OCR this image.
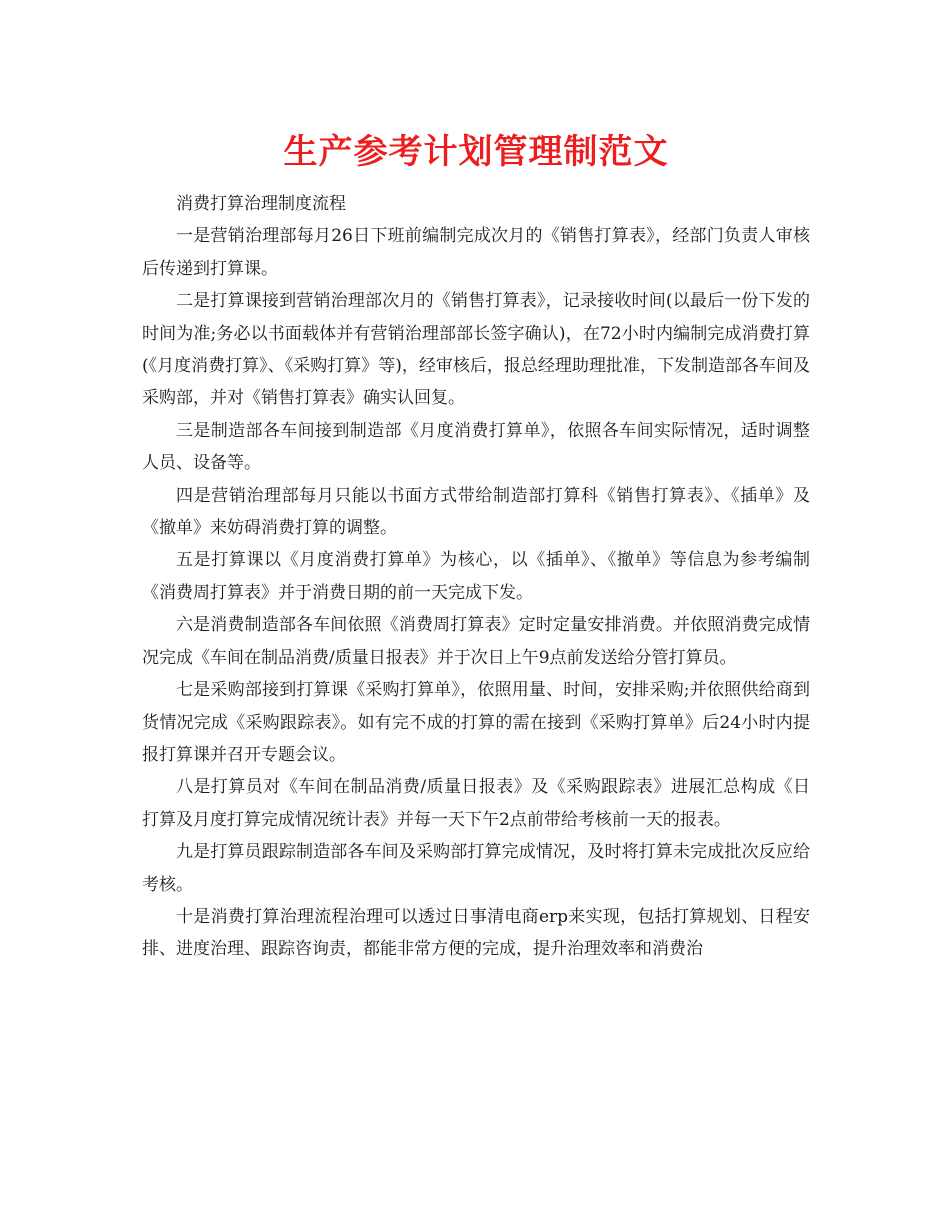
生产参考计划管理制范文

消费打算治理制度流程

一是营销治理部每月26日下班前编制完成次月的《销售打算表》，经部门负责人审核后传递到打算课。

二是打算课接到营销治理部次月的《销售打算表》，记录接收时间(以最后一份下发的时间为准;务必以书面载体并有营销治理部部长签字确认)，在72小时内编制完成消费打算(《月度消费打算》、《采购打算》等)，经审核后，报总经理助理批准，下发制造部各车间及采购部，并对《销售打算表》确实认回复。

三是制造部各车间接到制造部《月度消费打算单》，依照各车间实际情况，适时调整人员、设备等。

四是营销治理部每月只能以书面方式带给制造部打算科《销售打算表》、《插单》及《撤单》来妨碍消费打算的调整。

五是打算课以《月度消费打算单》为核心，以《插单》、《撤单》等信息为参考编制《消费周打算表》并于消费日期的前一天完成下发。

六是消费制造部各车间依照《消费周打算表》定时定量安排消费。并依照消费完成情况完成《车间在制品消费/质量日报表》并于次日上午9点前发送给分管打算员。

七是采购部接到打算课《采购打算单》，依照用量、时间，安排采购;并依照供给商到货情况完成《采购跟踪表》。如有完不成的打算的需在接到《采购打算单》后24小时内提报打算课并召开专题会议。

八是打算员对《车间在制品消费/质量日报表》及《采购跟踪表》进展汇总构成《日打算及月度打算完成情况统计表》并每一天下午2点前带给考核前一天的报表。

九是打算员跟踪制造部各车间及采购部打算完成情况，及时将打算未完成批次反应给考核。

十是消费打算治理流程治理可以透过日事清电商erp来实现，包括打算规划、日程安排、进度治理、跟踪咨询责，都能非常方便的完成，提升治理效率和消费治
